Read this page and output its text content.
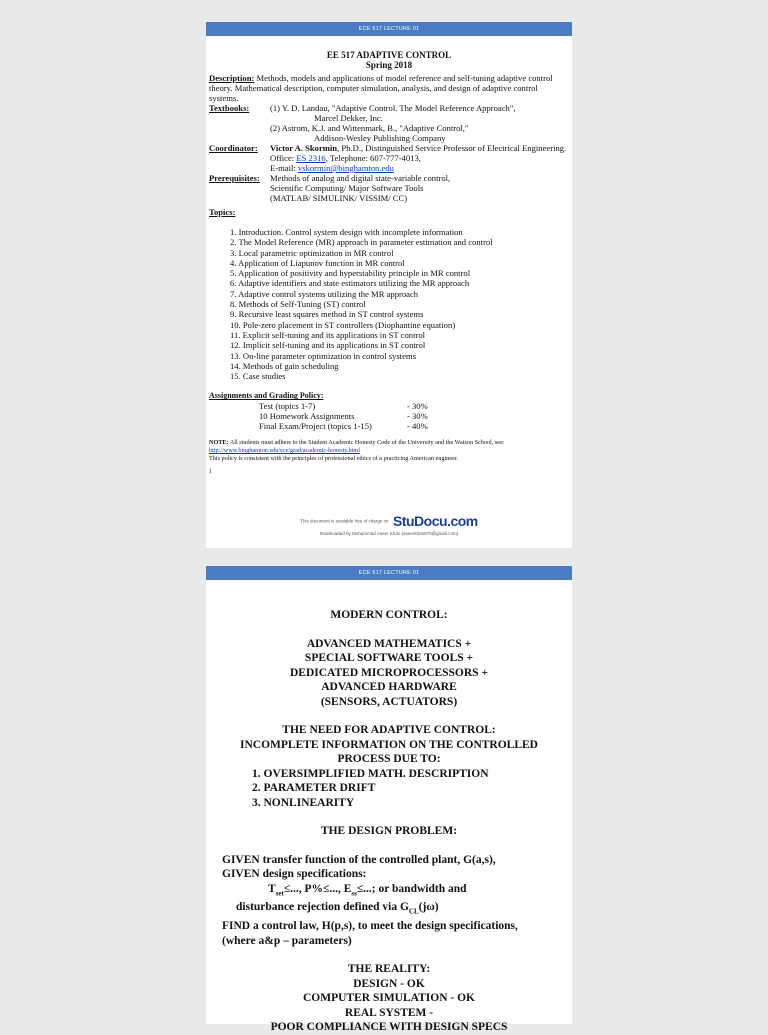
ECE 517 LECTURE 01
EE 517 ADAPTIVE CONTROL
Spring 2018
Description: Methods, models and applications of model reference and self-tuning adaptive control theory. Mathematical description, computer simulation, analysis, and design of adaptive control systems.
Textbooks:	(1) Y. D. Landau, "Adaptive Control. The Model Reference Approach",
Marcel Dekker, Inc.
(2) Astrom, K.J. and Wittenmark, B., "Adaptive Control,"
Addison-Wesley Publishing Company
Coordinator:	Victor A. Skormin, Ph.D., Distinguished Service Professor of Electrical Engineering. Office: ES 2316, Telephone: 607-777-4013,
E-mail: vskormin@binghamton.edu
Prerequisites:	Methods of analog and digital state-variable control,
Scientific Computing/ Major Software Tools
(MATLAB/ SIMULINK/ VISSIM/ CC)
Topics:
1. Introduction. Control system design with incomplete information
2. The Model Reference (MR) approach in parameter estimation and control
3. Local parametric optimization in MR control
4. Application of Liapunov function in MR control
5. Application of positivity and hyperstability principle in MR control
6. Adaptive identifiers and state estimators utilizing the MR approach
7. Adaptive control systems utilizing the MR approach
8. Methods of Self-Tuning (ST) control
9. Recursive least squares method in ST control systems
10. Pole-zero placement in ST controllers (Diophantine equation)
11. Explicit self-tuning and its applications in ST control
12. Implicit self-tuning and its applications in ST control
13. On-line parameter optimization in control systems
14. Methods of gain scheduling
15. Case studies
Assignments and Grading Policy:
Test (topics 1-7)	- 30%
10 Homework Assignments	- 30%
Final Exam/Project (topics 1-15)	- 40%
NOTE: All students must adhere to the Student Academic Honesty Code of the University and the Watson School, see: http://www.binghamton.edu/ece/grad/academic-honesty.html
This policy is consistent with the principles of professional ethics of a practicing American engineer.
1
This document is available free of charge on StuDocu.com
Downloaded by Muhammad Aseer Khan (aseerkhan870@gmail.com)
ECE 517 LECTURE 01
MODERN CONTROL:
ADVANCED MATHEMATICS +
SPECIAL SOFTWARE TOOLS +
DEDICATED MICROPROCESSORS +
ADVANCED HARDWARE
(SENSORS, ACTUATORS)
THE NEED FOR ADAPTIVE CONTROL:
INCOMPLETE INFORMATION ON THE CONTROLLED
PROCESS DUE TO:
1. OVERSIMPLIFIED MATH. DESCRIPTION
2. PARAMETER DRIFT
3. NONLINEARITY
THE DESIGN PROBLEM:
GIVEN transfer function of the controlled plant, G(a,s),
GIVEN design specifications:
$T_{set}\le$..., P%≤..., $E_{ss}\le$...; or bandwidth and
disturbance rejection defined via $G_{CL}(j\omega)$
FIND a control law, H(p,s), to meet the design specifications,
(where a&p – parameters)
THE REALITY:
DESIGN - OK
COMPUTER SIMULATION - OK
REAL SYSTEM -
POOR COMPLIANCE WITH DESIGN SPECS
